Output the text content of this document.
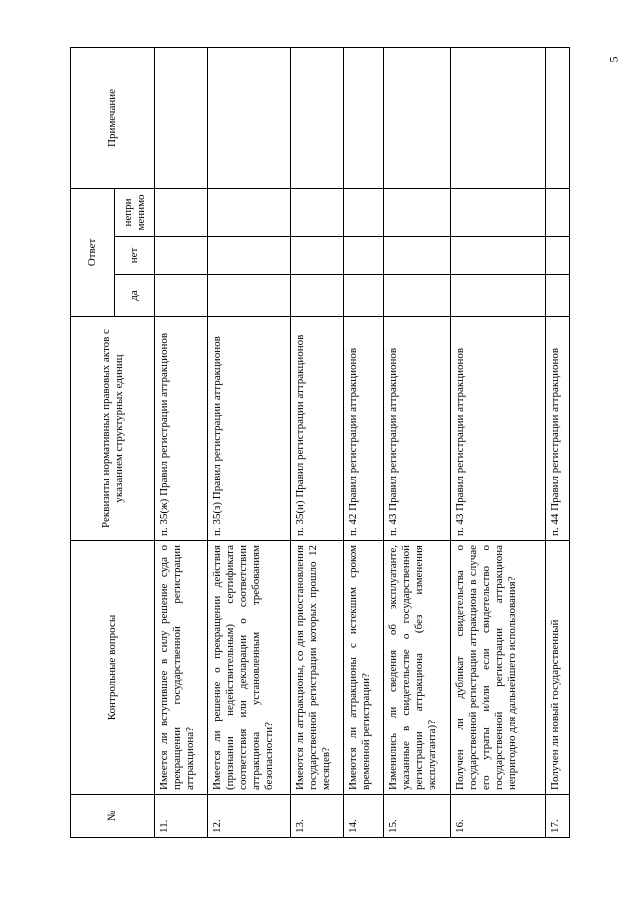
5
№	Контрольные вопросы	Реквизиты нормативных правовых актов с указанием структурных единиц	Ответ			Примечание
			да	нет	непри менимо	
11.	Имеется ли вступившее в силу решение суда о прекращении государственной регистрации аттракциона?	п. 35(ж) Правил регистрации аттракционов				
12.	Имеется ли решение о прекращении действия (признании недействительным) сертификата соответствия или декларации о соответствии аттракциона установленным требованиям безопасности?	п. 35(з) Правил регистрации аттракционов				
13.	Имеются ли аттракционы, со дня приостановления государственной регистрации которых прошло 12 месяцев?	п. 35(и) Правил регистрации аттракционов				
14.	Имеются ли аттракционы с истекшим сроком временной регистрации?	п. 42 Правил регистрации аттракционов				
15.	Изменились ли сведения об эксплуатанте, указанные в свидетельстве о государственной регистрации аттракциона (без изменения эксплуатанта)?	п. 43 Правил регистрации аттракционов				
16.	Получен ли дубликат свидетельства о государственной регистрации аттракциона в случае его утраты и/или если свидетельство о государственной регистрации аттракциона непригодно для дальнейшего использования?	п. 43 Правил регистрации аттракционов				
17.	Получен ли новый государственный	п. 44 Правил регистрации аттракционов				
